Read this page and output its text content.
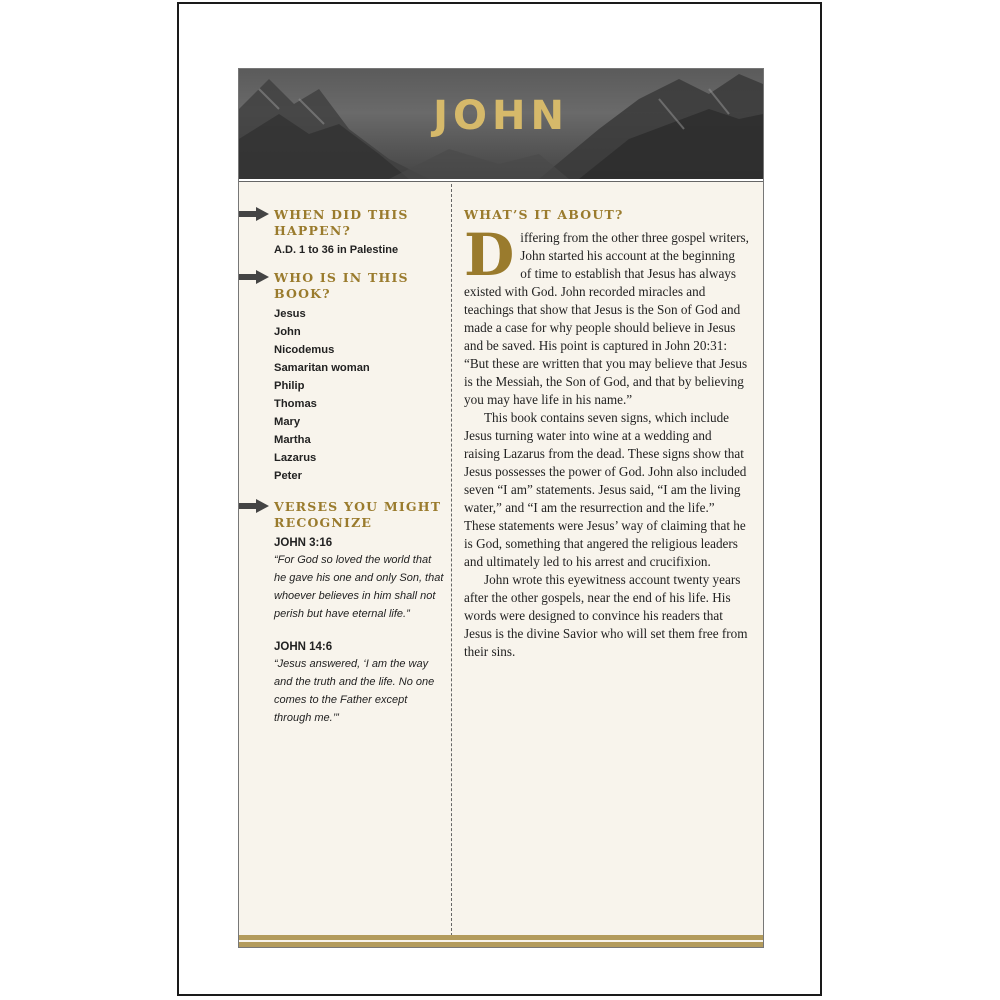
JOHN
WHEN DID THIS HAPPEN?
A.D. 1 to 36 in Palestine
WHO IS IN THIS BOOK?
Jesus
John
Nicodemus
Samaritan woman
Philip
Thomas
Mary
Martha
Lazarus
Peter
VERSES YOU MIGHT RECOGNIZE
JOHN 3:16
“For God so loved the world that he gave his one and only Son, that whoever believes in him shall not perish but have eternal life.”
JOHN 14:6
“Jesus answered, ‘I am the way and the truth and the life. No one comes to the Father except through me.’”
WHAT’S IT ABOUT?

Differing from the other three gospel writers, John started his account at the beginning of time to establish that Jesus has always existed with God. John recorded miracles and teachings that show that Jesus is the Son of God and made a case for why people should believe in Jesus and be saved. His point is captured in John 20:31: “But these are written that you may believe that Jesus is the Messiah, the Son of God, and that by believing you may have life in his name.”

This book contains seven signs, which include Jesus turning water into wine at a wedding and raising Lazarus from the dead. These signs show that Jesus possesses the power of God. John also included seven “I am” statements. Jesus said, “I am the living water,” and “I am the resurrection and the life.” These statements were Jesus’ way of claiming that he is God, something that angered the religious leaders and ultimately led to his arrest and crucifixion.

John wrote this eyewitness account twenty years after the other gospels, near the end of his life. His words were designed to convince his readers that Jesus is the divine Savior who will set them free from their sins.
